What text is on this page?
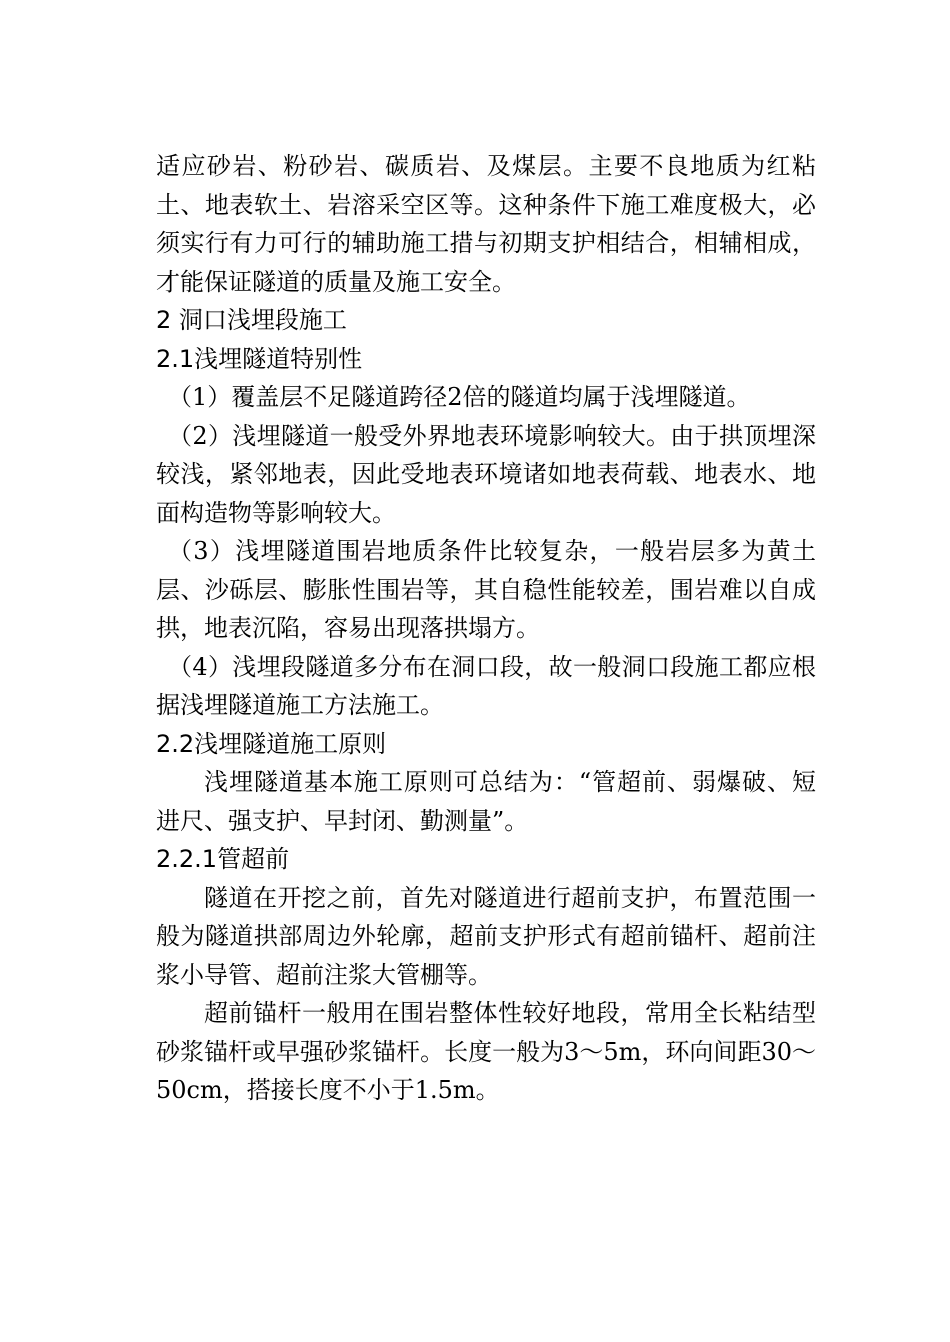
适应砂岩、粉砂岩、碳质岩、及煤层。主要不良地质为红粘土、地表软土、岩溶采空区等。这种条件下施工难度极大，必须实行有力可行的辅助施工措与初期支护相结合，相辅相成，才能保证隧道的质量及施工安全。

2 洞口浅埋段施工
2.1浅埋隧道特别性

（1）覆盖层不足隧道跨径2倍的隧道均属于浅埋隧道。

（2）浅埋隧道一般受外界地表环境影响较大。由于拱顶埋深较浅，紧邻地表，因此受地表环境诸如地表荷载、地表水、地面构造物等影响较大。

（3）浅埋隧道围岩地质条件比较复杂，一般岩层多为黄土层、沙砾层、膨胀性围岩等，其自稳性能较差，围岩难以自成拱，地表沉陷，容易出现落拱塌方。

（4）浅埋段隧道多分布在洞口段，故一般洞口段施工都应根据浅埋隧道施工方法施工。

2.2浅埋隧道施工原则

浅埋隧道基本施工原则可总结为：“管超前、弱爆破、短进尺、强支护、早封闭、勤测量”。

2.2.1管超前

隧道在开挖之前，首先对隧道进行超前支护，布置范围一般为隧道拱部周边外轮廓，超前支护形式有超前锚杆、超前注浆小导管、超前注浆大管棚等。

超前锚杆一般用在围岩整体性较好地段，常用全长粘结型砂浆锚杆或早强砂浆锚杆。长度一般为3～5m，环向间距30～50cm，搭接长度不小于1.5m。
